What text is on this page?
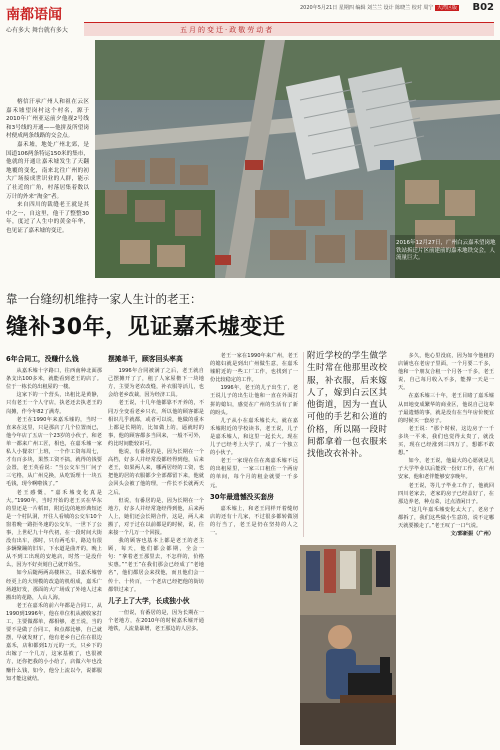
南都语闻
心有多大 舞台就有多大
2020年5月21日 星期四 编辑 刘兰兰 设计 陈晓兰 校对 周宁 大湾区版 B02
五月的变迁·政敬劳动者

榕信汗承广州人和祖在云区嘉禾墟望岗村这个村名，源于2010年广州亚运前夕他视2号线和3号线的开通——他拼及所望岗村便成两条线路的交会点。

嘉禾墟，地处广州北郊，是国道106两条特运150米的集市，他就的开通让嘉禾墟发生了天翻地覆的变化，南来北往广州的初大广场接成世识业的人群，能示了社近的广角，村落居集着数以万计的外来“淘金”者。

来自四川的裁缝老王就是其中之一，自这里，他干了整整30年，度过了人生中的黄金年华，也见证了嘉禾墟的变迁。

2016年12月27日，广州白云嘉禾望岗地铁站拆迁片区前建前的嘉禾地铁交会，人流量巨大。
靠一台缝纫机维持一家人生计的老王：
缝补30年，见证嘉禾墟变迁

6年合同工，没赚什么钱

从嘉禾墟十字路口，往西南种北面那条支出100多米，就能看到老王的店了。位于一栋长的出租屋的一楼。

这家下的一个营头，出租比是黄静，只有老王一个人守店，执老还去执老王的岗摊，作今年82了满寿。

老王在1990年来嘉禾墟的，当时一直来在这里，只是那店了几个位置而已，他今年店了五店一个23岁的小伙子，和老单一都来广州工匠，相也，在嘉禾墟一家私人小餐农厂上班，一个作工资每周七，才有百多块，果然工资不搞，就得的钱要会置，老王英看说：“当公交车当厂问子三宅格，从广州兑换，从吃饭理十一块五毛钱，现今啊啦钱了。”

老王感慨，“嘉禾墟变化真是大。”1990年，当时开始的老王买在华东的里还是一片稻田，附近边的地形典短还是一个村队洞，开往人看城的公交车10个窗着晚一路拒冬速的公交车，一世下了公事，上世纪九十年代初，在一段时间大街没有出车，那时，只有两毛车，路边有很多辆聚蹦的旧车，下水道是曲开的，晚上从不到工出现的安地店，时然一是没什么，因为不好卖刻自己就开始生。

如今后随两两高楼林立，书嘉禾墟曾经更上的大规模的改造的机组成，嘉禾广场越好发，那面的大广场成了外地人过来搬出的花路，人山人海。

老王在嘉禾的前六年都是合同工，从1990到1996年，他在单位机从被收家打工，主要做都单，都相够，老王说，当的要不是做了合同工，和点都比够，自己就摆，早就发财了，他有老乡自己住在很边嘉禾，店和都到1万元的一天，只乡下的出嫁了一个几万，这家基被了，也很被方，还你把我的小小给了，店做六年也没赚什么钱，如今，他分上流以今，说都服知才能这就结。

摆摊单干，顾客回头率高

1996年合同被满了之后，老王就自己摆摊开了了，租了人家屋檐下一块地方，主要为老农改缝，补衣服等活儿，也会给老乡改裁，因为经济工具。

老王说，十几年他都靠不开养的，不同万全变看老乡只衣，所以他的顾客都是相识几乎就都，或者可以说，他做的重本上都是长期的，比如做上的，逼就时的事，他的顾客都多当回来，一般不可外，约比时间能较识可。

他说，有番居的是，因为长期在一个高档，好多人并经常没都经得到他，后来老王，如果两人来，哪两居经的工资，也把他的居的衣服都少全部都留下来，他就会回头会被了他的理，一件长不长就两天之后。

但说，有番居的是，因为长期在一个地方，好多人并经常逢经得到他，后来两人上，她们还会长期合作，这是，两人来搬了，对于过在以前都是的时候，说，往来接一个几万一个回报。

我的顾客也基本上都是老王的老主顾，每天，他们都会都期，全会一句：“拿着老王那里去，不怎样的，价格实惠。”“老王”在我们那会已经成了“老地名”，他们都居会来找他，而且他们会一传十、十传百，一个老店已经把他的街坊都带过来了。

儿子上了大学，长成独小伙

一但说，有番居的是，因为长期在一个老地方，在2010年的时候嘉禾墟开通地铁，人流量暴增，老王那边的人居多。

老王一家在1990年来广州，老王的媳妇就是到出广州做生意，在嘉禾墟附近的一些工厂工作，也找到了一份比较稳定的工作。

1996年，老王的儿子出生了，老王说儿子的出生让他和一直在外面打拼的媳妇，感觉在广州的生活有了新的盼头。

儿子从小在嘉禾墟长大，就在嘉禾墟附近的学校读书，老王说，儿子是嘉禾墟人，和这里一起长大。现在儿子已经考上大学了，成了一个独立的小伙子。

老王一家现在住在离嘉禾墟不远的出租屋里，一家三口租住一个两房的单间，每个月的租金就要一千多元。

30年最遗憾没买套房

嘉禾墟上，和老王同样开着缝纫店的还有十几家，不过很多都转做别的行当了，老王是仍在坚持的人之一。

附近学校的学生做学生时常在他那里改校服，补衣服，后来嫁人了，嫁到白云区其他街道，因为一直认可他的手艺和公道的价格，所以隔一段时间都拿着一包衣服来找他改衣补补。

多久，他心里没底，因为如今他租的店铺也在老房子里面，一个月要二千多，他和一个朋友合租一个月各一千多，老王说，自己每月收入不多，能撑一天是一天。

在嘉禾墟三十年，老王目睹了嘉禾墟从田地变成繁华的商业区，他说自己这辈子最遗憾的事，就是没有在当年房价便宜的时候买一套房子。

老王说：“那个时候，这边房子一千多块一平米，我们也觉得太贵了，就没买，现在已经涨到三四万了，想都不敢想。”

如今，老王说，他最大的心愿就是儿子大学毕业以后能找一份好工作，在广州安家，他和老伴能够安享晚年。

老王说，等儿子毕业工作了，他就回四川老家去，老家的房子已经盖好了，在那边养老，种点菜，过点清闲日子。

“这几年嘉禾墟变化太大了，老房子都拆了，我们这些做小生意的，说不定哪天就要搬走了。”老王叹了一口气说。

文/郭新振（广州）
